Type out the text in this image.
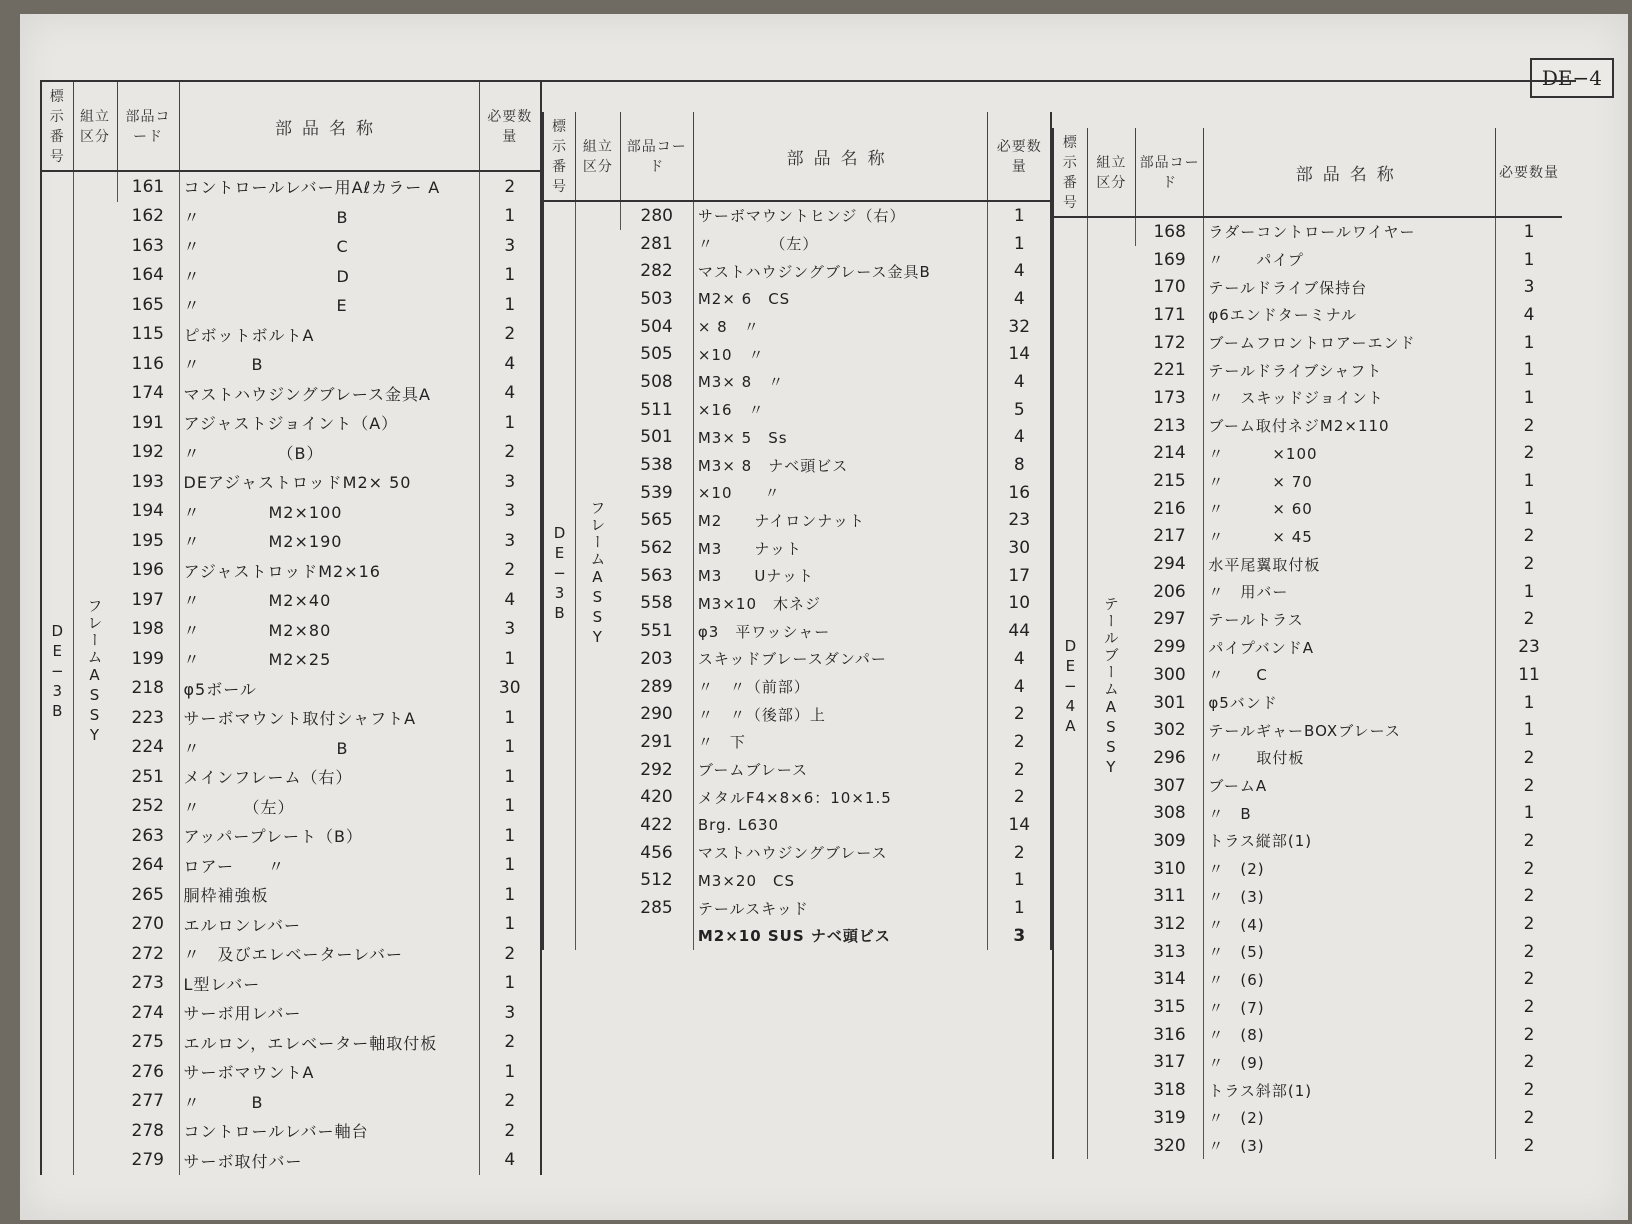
DE−4
標示番号	組立区分	部品コード	部品名称	必要数量
DE−3B	フレームASSY	161	コントロールレバー用Aℓカラー A	2
		162	〃　　　　　　　　B	1
		163	〃　　　　　　　　C	3
		164	〃　　　　　　　　D	1
		165	〃　　　　　　　　E	1
		115	ピボットボルトA	2
		116	〃　　　B	4
		174	マストハウジングブレース金具A	4
		191	アジャストジョイント（A）	1
		192	〃　　　　　（B）	2
		193	DEアジャストロッドM2× 50	3
		194	〃　　　　M2×100	3
		195	〃　　　　M2×190	3
		196	アジャストロッドM2×16	2
		197	〃　　　　M2×40	4
		198	〃　　　　M2×80	3
		199	〃　　　　M2×25	1
		218	φ5ボール	30
		223	サーボマウント取付シャフトA	1
		224	〃　　　　　　　　B	1
		251	メインフレーム（右）	1
		252	〃　　　（左）	1
		263	アッパープレート（B）	1
		264	ロアー　　〃	1
		265	胴枠補強板	1
		270	エルロンレバー	1
		272	〃　及びエレベーターレバー	2
		273	L型レバー	1
		274	サーボ用レバー	3
		275	エルロン，エレベーター軸取付板	2
		276	サーボマウントA	1
		277	〃　　　B	2
		278	コントロールレバー軸台	2
		279	サーボ取付バー	4
標示番号	組立区分	部品コード	部品名称	必要数量
DE−3B	フレームASSY	280	サーボマウントヒンジ（右）	1
		281	〃　　　　（左）	1
		282	マストハウジングブレース金具B	4
		503	M2× 6　CS	4
		504	× 8　〃	32
		505	×10　〃	14
		508	M3× 8　〃	4
		511	×16　〃	5
		501	M3× 5　Ss	4
		538	M3× 8　ナベ頭ビス	8
		539	×10　　〃	16
		565	M2　　ナイロンナット	23
		562	M3　　ナット	30
		563	M3　　Uナット	17
		558	M3×10　木ネジ	10
		551	φ3　平ワッシャー	44
		203	スキッドブレースダンパー	4
		289	〃　〃（前部）	4
		290	〃　〃（後部）上	2
		291	〃　下	2
		292	ブームブレース	2
		420	メタルF4×8×6：10×1.5	2
		422	Brg. L630	14
		456	マストハウジングブレース	2
		512	M3×20　CS	1
		285	テールスキッド	1
			M2×10 SUS ナベ頭ビス	3
標示番号	組立区分	部品コード	部品名称	必要数量
DE−4A	テールブームASSY	168	ラダーコントロールワイヤー	1
		169	〃　　パイプ	1
		170	テールドライブ保持台	3
		171	φ6エンドターミナル	4
		172	ブームフロントロアーエンド	1
		221	テールドライブシャフト	1
		173	〃　スキッドジョイント	1
		213	ブーム取付ネジM2×110	2
		214	〃　　　×100	2
		215	〃　　　× 70	1
		216	〃　　　× 60	1
		217	〃　　　× 45	2
		294	水平尾翼取付板	2
		206	〃　用バー	1
		297	テールトラス	2
		299	パイプバンドA	23
		300	〃　　C	11
		301	φ5バンド	1
		302	テールギャーBOXブレース	1
		296	〃　　取付板	2
		307	ブームA	2
		308	〃　B	1
		309	トラス縦部(1)	2
		310	〃　(2)	2
		311	〃　(3)	2
		312	〃　(4)	2
		313	〃　(5)	2
		314	〃　(6)	2
		315	〃　(7)	2
		316	〃　(8)	2
		317	〃　(9)	2
		318	トラス斜部(1)	2
		319	〃　(2)	2
		320	〃　(3)	2
